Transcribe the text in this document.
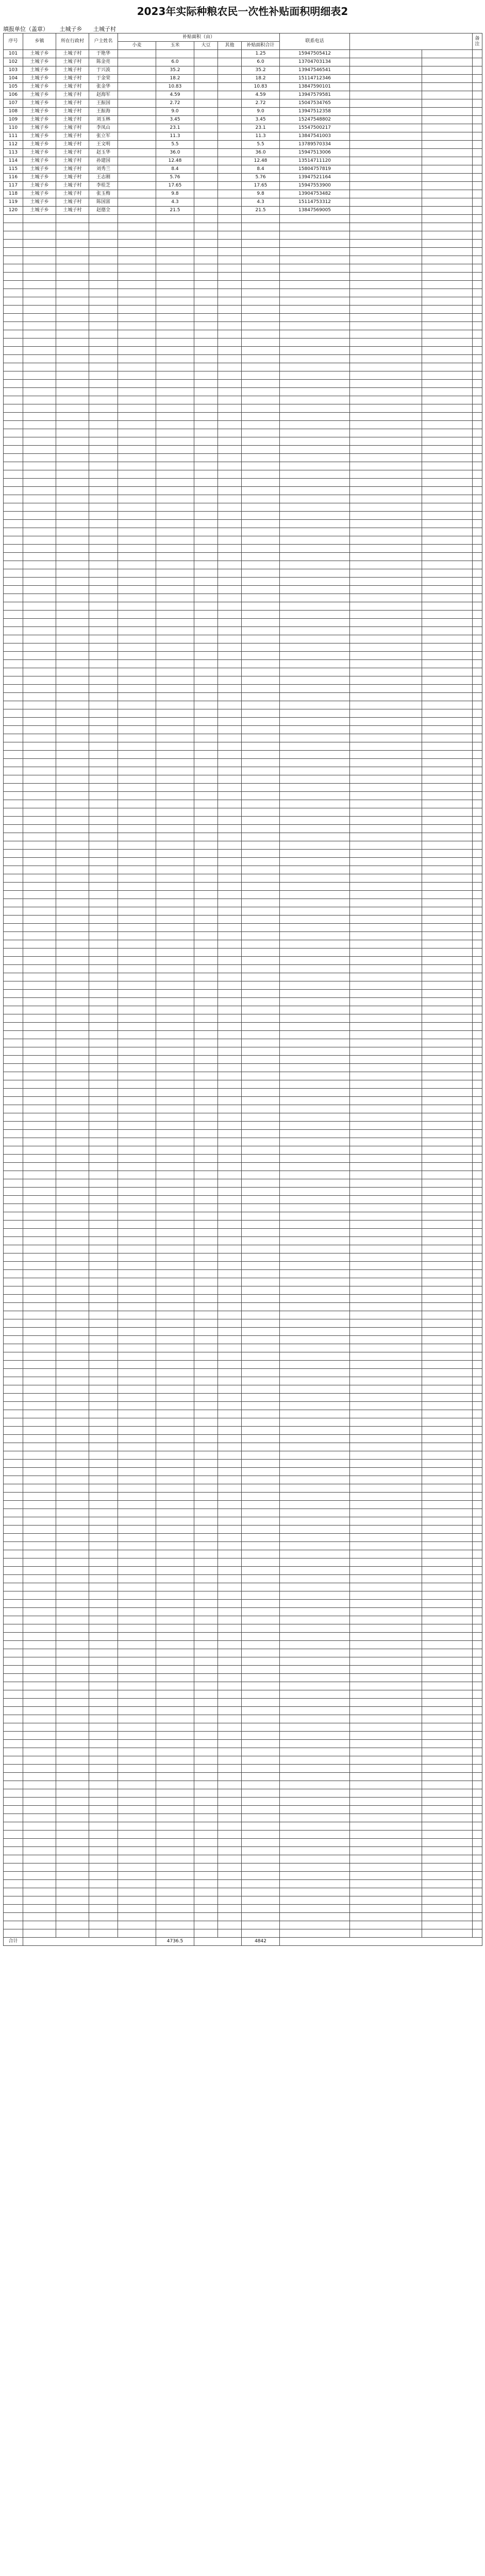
2023年实际种粮农民一次性补贴面积明细表2
填报单位（盖章） 土城子乡 土城子村
序号	乡镇	所在行政村	户主姓名	补贴面积（亩）					联系电话			备注
				小麦	玉米	大豆	其他	补贴面积合计				
101	土城子乡	土城子村	于艳华					1.25	15947505412			
102	土城子乡	土城子村	陈金亮		6.0			6.0	13704703134			
103	土城子乡	土城子村	于兴波		35.2			35.2	13947546541			
104	土城子乡	土城子村	于金荣		18.2			18.2	15114712346			
105	土城子乡	土城子村	张金华		10.83			10.83	13847590101			
106	土城子乡	土城子村	赵海军		4.59			4.59	13947579581			
107	土城子乡	土城子村	王振国		2.72			2.72	15047534765			
108	土城子乡	土城子村	王振海		9.0			9.0	13947512358			
109	土城子乡	土城子村	刘玉林		3.45			3.45	15247548802			
110	土城子乡	土城子村	李凤山		23.1			23.1	15547500217			
111	土城子乡	土城子村	张立军		11.3			11.3	13847541003			
112	土城子乡	土城子村	王文明		5.5			5.5	13789570334			
113	土城子乡	土城子村	赵玉华		36.0			36.0	15947513006			
114	土城子乡	土城子村	孙建国		12.48			12.48	13514711120			
115	土城子乡	土城子村	刘秀兰		8.4			8.4	15804757819			
116	土城子乡	土城子村	王志刚		5.76			5.76	13947521164			
117	土城子乡	土城子村	李桂芝		17.65			17.65	15947553900			
118	土城子乡	土城子村	张玉梅		9.8			9.8	13904753482			
119	土城子乡	土城子村	陈国富		4.3			4.3	15114753312			
120	土城子乡	土城子村	赵德全		21.5			21.5	13847569005			

合计					4736.5			4842				
